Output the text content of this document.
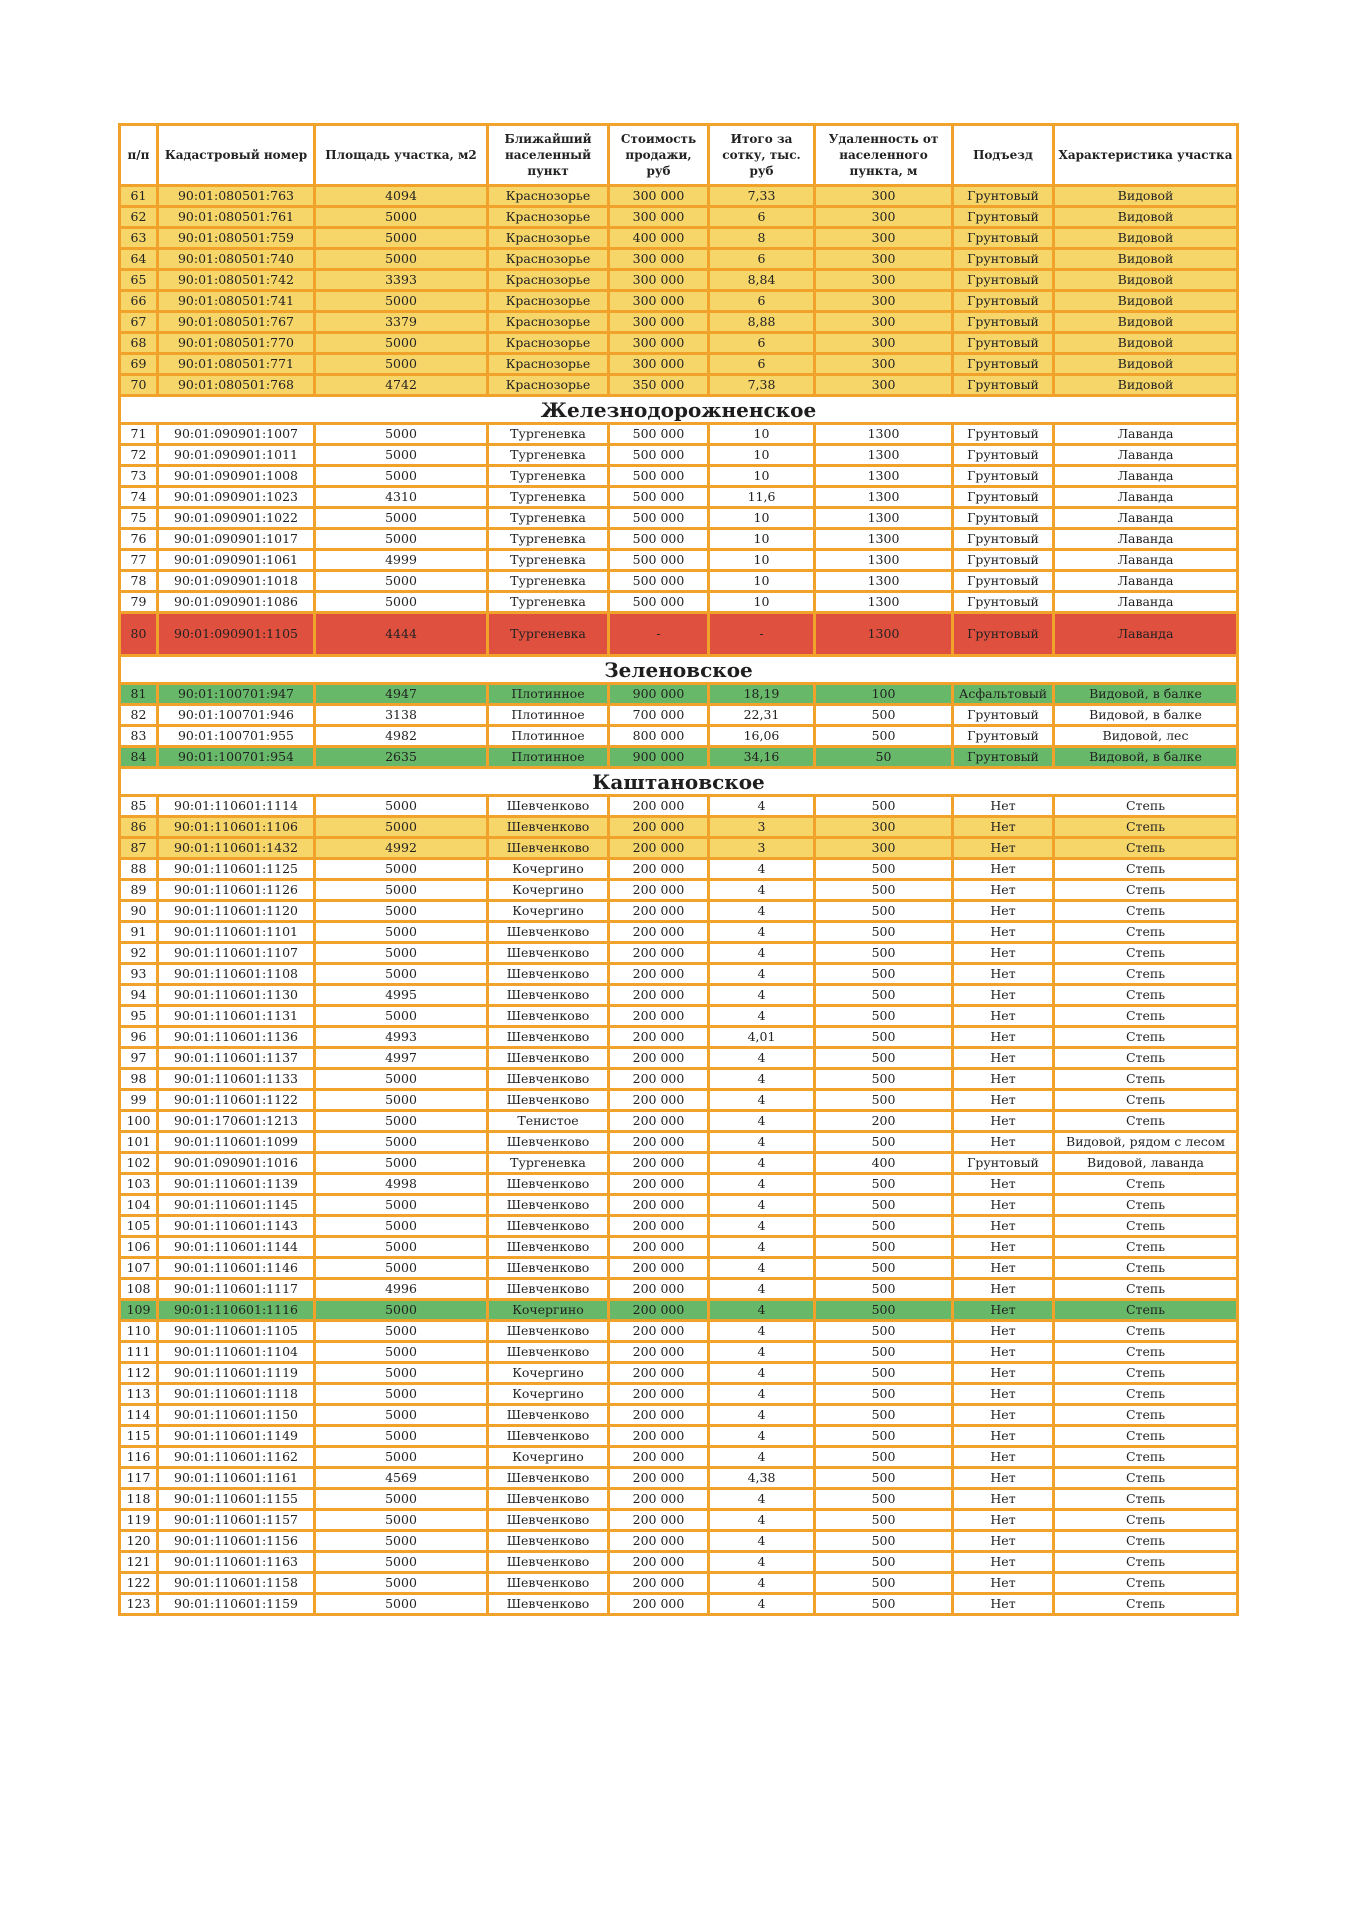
п/п	Кадастровый номер	Площадь участка, м2	Ближайший населенный пункт	Стоимость продажи, руб	Итого за сотку, тыс. руб	Удаленность от населенного пункта, м	Подъезд	Характеристика участка
61	90:01:080501:763	4094	Краснозорье	300 000	7,33	300	Грунтовый	Видовой
62	90:01:080501:761	5000	Краснозорье	300 000	6	300	Грунтовый	Видовой
63	90:01:080501:759	5000	Краснозорье	400 000	8	300	Грунтовый	Видовой
64	90:01:080501:740	5000	Краснозорье	300 000	6	300	Грунтовый	Видовой
65	90:01:080501:742	3393	Краснозорье	300 000	8,84	300	Грунтовый	Видовой
66	90:01:080501:741	5000	Краснозорье	300 000	6	300	Грунтовый	Видовой
67	90:01:080501:767	3379	Краснозорье	300 000	8,88	300	Грунтовый	Видовой
68	90:01:080501:770	5000	Краснозорье	300 000	6	300	Грунтовый	Видовой
69	90:01:080501:771	5000	Краснозорье	300 000	6	300	Грунтовый	Видовой
70	90:01:080501:768	4742	Краснозорье	350 000	7,38	300	Грунтовый	Видовой
Железнодорожненское								
71	90:01:090901:1007	5000	Тургеневка	500 000	10	1300	Грунтовый	Лаванда
72	90:01:090901:1011	5000	Тургеневка	500 000	10	1300	Грунтовый	Лаванда
73	90:01:090901:1008	5000	Тургеневка	500 000	10	1300	Грунтовый	Лаванда
74	90:01:090901:1023	4310	Тургеневка	500 000	11,6	1300	Грунтовый	Лаванда
75	90:01:090901:1022	5000	Тургеневка	500 000	10	1300	Грунтовый	Лаванда
76	90:01:090901:1017	5000	Тургеневка	500 000	10	1300	Грунтовый	Лаванда
77	90:01:090901:1061	4999	Тургеневка	500 000	10	1300	Грунтовый	Лаванда
78	90:01:090901:1018	5000	Тургеневка	500 000	10	1300	Грунтовый	Лаванда
79	90:01:090901:1086	5000	Тургеневка	500 000	10	1300	Грунтовый	Лаванда
80	90:01:090901:1105	4444	Тургеневка	-	-	1300	Грунтовый	Лаванда
Зеленовское								
81	90:01:100701:947	4947	Плотинное	900 000	18,19	100	Асфальтовый	Видовой, в балке
82	90:01:100701:946	3138	Плотинное	700 000	22,31	500	Грунтовый	Видовой, в балке
83	90:01:100701:955	4982	Плотинное	800 000	16,06	500	Грунтовый	Видовой, лес
84	90:01:100701:954	2635	Плотинное	900 000	34,16	50	Грунтовый	Видовой, в балке
Каштановское								
85	90:01:110601:1114	5000	Шевченково	200 000	4	500	Нет	Степь
86	90:01:110601:1106	5000	Шевченково	200 000	3	300	Нет	Степь
87	90:01:110601:1432	4992	Шевченково	200 000	3	300	Нет	Степь
88	90:01:110601:1125	5000	Кочергино	200 000	4	500	Нет	Степь
89	90:01:110601:1126	5000	Кочергино	200 000	4	500	Нет	Степь
90	90:01:110601:1120	5000	Кочергино	200 000	4	500	Нет	Степь
91	90:01:110601:1101	5000	Шевченково	200 000	4	500	Нет	Степь
92	90:01:110601:1107	5000	Шевченково	200 000	4	500	Нет	Степь
93	90:01:110601:1108	5000	Шевченково	200 000	4	500	Нет	Степь
94	90:01:110601:1130	4995	Шевченково	200 000	4	500	Нет	Степь
95	90:01:110601:1131	5000	Шевченково	200 000	4	500	Нет	Степь
96	90:01:110601:1136	4993	Шевченково	200 000	4,01	500	Нет	Степь
97	90:01:110601:1137	4997	Шевченково	200 000	4	500	Нет	Степь
98	90:01:110601:1133	5000	Шевченково	200 000	4	500	Нет	Степь
99	90:01:110601:1122	5000	Шевченково	200 000	4	500	Нет	Степь
100	90:01:170601:1213	5000	Тенистое	200 000	4	200	Нет	Степь
101	90:01:110601:1099	5000	Шевченково	200 000	4	500	Нет	Видовой, рядом с лесом
102	90:01:090901:1016	5000	Тургеневка	200 000	4	400	Грунтовый	Видовой, лаванда
103	90:01:110601:1139	4998	Шевченково	200 000	4	500	Нет	Степь
104	90:01:110601:1145	5000	Шевченково	200 000	4	500	Нет	Степь
105	90:01:110601:1143	5000	Шевченково	200 000	4	500	Нет	Степь
106	90:01:110601:1144	5000	Шевченково	200 000	4	500	Нет	Степь
107	90:01:110601:1146	5000	Шевченково	200 000	4	500	Нет	Степь
108	90:01:110601:1117	4996	Шевченково	200 000	4	500	Нет	Степь
109	90:01:110601:1116	5000	Кочергино	200 000	4	500	Нет	Степь
110	90:01:110601:1105	5000	Шевченково	200 000	4	500	Нет	Степь
111	90:01:110601:1104	5000	Шевченково	200 000	4	500	Нет	Степь
112	90:01:110601:1119	5000	Кочергино	200 000	4	500	Нет	Степь
113	90:01:110601:1118	5000	Кочергино	200 000	4	500	Нет	Степь
114	90:01:110601:1150	5000	Шевченково	200 000	4	500	Нет	Степь
115	90:01:110601:1149	5000	Шевченково	200 000	4	500	Нет	Степь
116	90:01:110601:1162	5000	Кочергино	200 000	4	500	Нет	Степь
117	90:01:110601:1161	4569	Шевченково	200 000	4,38	500	Нет	Степь
118	90:01:110601:1155	5000	Шевченково	200 000	4	500	Нет	Степь
119	90:01:110601:1157	5000	Шевченково	200 000	4	500	Нет	Степь
120	90:01:110601:1156	5000	Шевченково	200 000	4	500	Нет	Степь
121	90:01:110601:1163	5000	Шевченково	200 000	4	500	Нет	Степь
122	90:01:110601:1158	5000	Шевченково	200 000	4	500	Нет	Степь
123	90:01:110601:1159	5000	Шевченково	200 000	4	500	Нет	Степь
